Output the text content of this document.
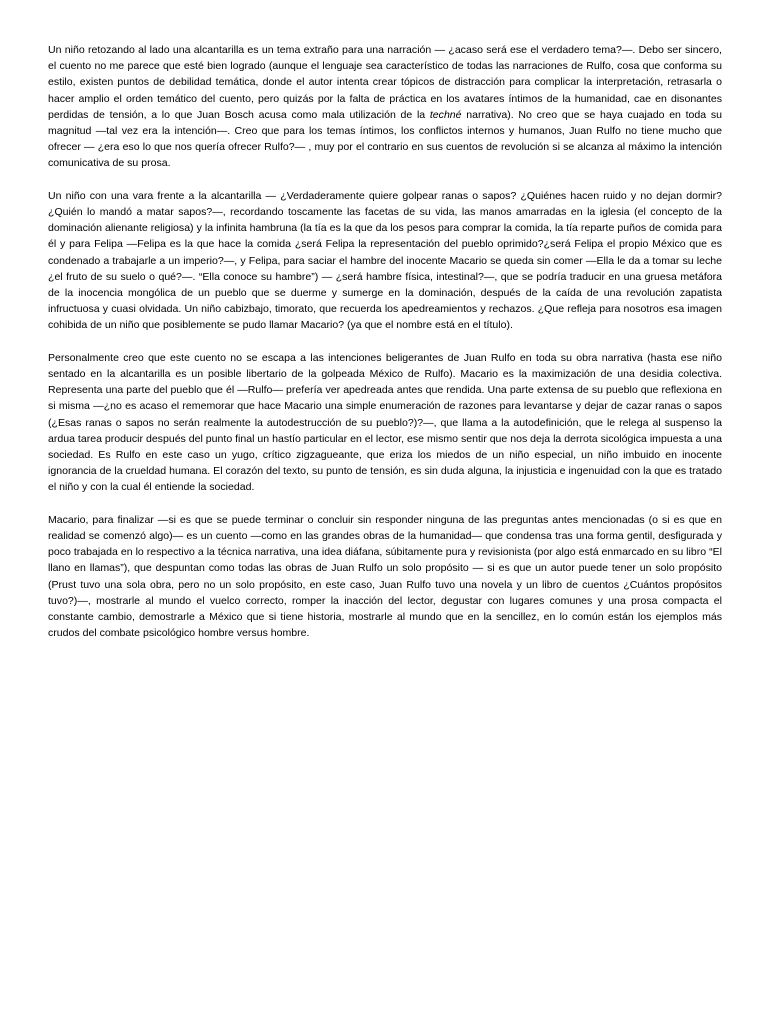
Un niño retozando al lado una alcantarilla es un tema extraño para una narración — ¿acaso será ese el verdadero tema?—. Debo ser sincero, el cuento no me parece que esté bien logrado (aunque el lenguaje sea característico de todas las narraciones de Rulfo, cosa que conforma su estilo, existen puntos de debilidad temática, donde el autor intenta crear tópicos de distracción para complicar la interpretación, retrasarla o hacer amplio el orden temático del cuento, pero quizás por la falta de práctica en los avatares íntimos de la humanidad, cae en disonantes perdidas de tensión, a lo que Juan Bosch acusa como mala utilización de la techné narrativa). No creo que se haya cuajado en toda su magnitud —tal vez era la intención—. Creo que para los temas íntimos, los conflictos internos y humanos, Juan Rulfo no tiene mucho que ofrecer — ¿era eso lo que nos quería ofrecer Rulfo?— , muy por el contrario en sus cuentos de revolución si se alcanza al máximo la intención comunicativa de su prosa.

Un niño con una vara frente a la alcantarilla — ¿Verdaderamente quiere golpear ranas o sapos? ¿Quiénes hacen ruido y no dejan dormir? ¿Quién lo mandó a matar sapos?—, recordando toscamente las facetas de su vida, las manos amarradas en la iglesia (el concepto de la dominación alienante religiosa) y la infinita hambruna (la tía es la que da los pesos para comprar la comida, la tía reparte puños de comida para él y para Felipa —Felipa es la que hace la comida ¿será Felipa la representación del pueblo oprimido?¿será Felipa el propio México que es condenado a trabajarle a un imperio?—, y Felipa, para saciar el hambre del inocente Macario se queda sin comer —Ella le da a tomar su leche ¿el fruto de su suelo o qué?—. “Ella conoce su hambre”) — ¿será hambre física, intestinal?—, que se podría traducir en una gruesa metáfora de la inocencia mongólica de un pueblo que se duerme y sumerge en la dominación, después de la caída de una revolución zapatista infructuosa y cuasi olvidada. Un niño cabizbajo, timorato, que recuerda los apedreamientos y rechazos. ¿Que refleja para nosotros esa imagen cohibida de un niño que posiblemente se pudo llamar Macario? (ya que el nombre está en el título).

Personalmente creo que este cuento no se escapa a las intenciones beligerantes de Juan Rulfo en toda su obra narrativa (hasta ese niño sentado en la alcantarilla es un posible libertario de la golpeada México de Rulfo). Macario es la maximización de una desidia colectiva. Representa una parte del pueblo que él —Rulfo— prefería ver apedreada antes que rendida. Una parte extensa de su pueblo que reflexiona en si misma —¿no es acaso el rememorar que hace Macario una simple enumeración de razones para levantarse y dejar de cazar ranas o sapos (¿Esas ranas o sapos no serán realmente la autodestrucción de su pueblo?)?—, que llama a la autodefinición, que le relega al suspenso la ardua tarea producir después del punto final un hastío particular en el lector, ese mismo sentir que nos deja la derrota sicológica impuesta a una sociedad. Es Rulfo en este caso un yugo, crítico zigzagueante, que eriza los miedos de un niño especial, un niño imbuido en inocente ignorancia de la crueldad humana. El corazón del texto, su punto de tensión, es sin duda alguna, la injusticia e ingenuidad con la que es tratado el niño y con la cual él entiende la sociedad.

Macario, para finalizar —si es que se puede terminar o concluir sin responder ninguna de las preguntas antes mencionadas (o si es que en realidad se comenzó algo)— es un cuento —como en las grandes obras de la humanidad— que condensa tras una forma gentil, desfigurada y poco trabajada en lo respectivo a la técnica narrativa, una idea diáfana, súbitamente pura y revisionista (por algo está enmarcado en su libro “El llano en llamas”), que despuntan como todas las obras de Juan Rulfo un solo propósito — si es que un autor puede tener un solo propósito (Prust tuvo una sola obra, pero no un solo propósito, en este caso, Juan Rulfo tuvo una novela y un libro de cuentos ¿Cuántos propósitos tuvo?)—, mostrarle al mundo el vuelco correcto, romper la inacción del lector, degustar con lugares comunes y una prosa compacta el constante cambio, demostrarle a México que si tiene historia, mostrarle al mundo que en la sencillez, en lo común están los ejemplos más crudos del combate psicológico hombre versus hombre.
